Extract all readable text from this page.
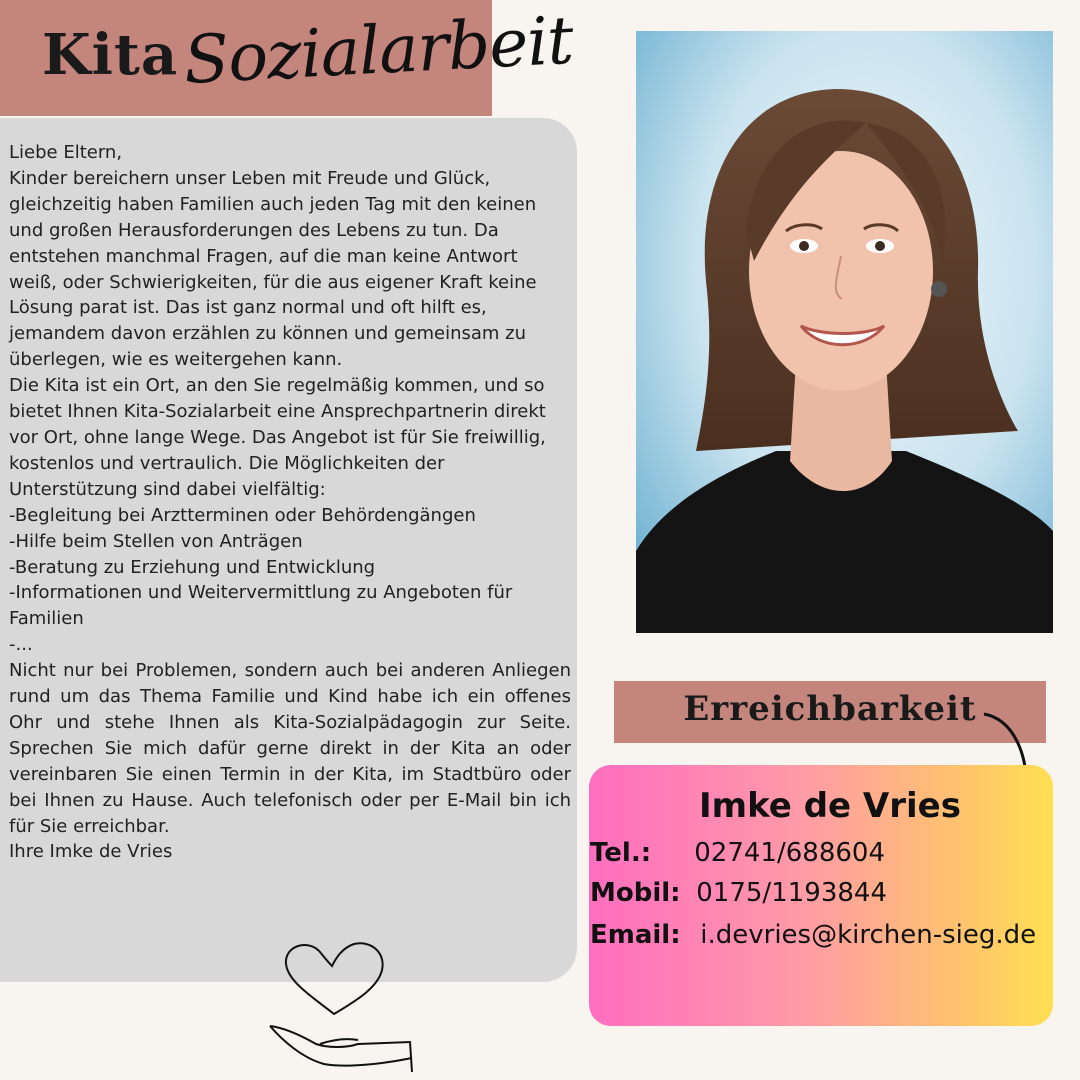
Kita Sozialarbeit
Liebe Eltern,
Kinder bereichern unser Leben mit Freude und Glück, gleichzeitig haben Familien auch jeden Tag mit den keinen und großen Herausforderungen des Lebens zu tun. Da entstehen manchmal Fragen, auf die man keine Antwort weiß, oder Schwierigkeiten, für die aus eigener Kraft keine Lösung parat ist. Das ist ganz normal und oft hilft es, jemandem davon erzählen zu können und gemeinsam zu überlegen, wie es weitergehen kann.
Die Kita ist ein Ort, an den Sie regelmäßig kommen, und so bietet Ihnen Kita-Sozialarbeit eine Ansprechpartnerin direkt vor Ort, ohne lange Wege. Das Angebot ist für Sie freiwillig, kostenlos und vertraulich. Die Möglichkeiten der Unterstützung sind dabei vielfältig:
-Begleitung bei Arztterminen oder Behördengängen
-Hilfe beim Stellen von Anträgen
-Beratung zu Erziehung und Entwicklung
-Informationen und Weitervermittlung zu Angeboten für Familien
-...
Nicht nur bei Problemen, sondern auch bei anderen Anliegen rund um das Thema Familie und Kind habe ich ein offenes Ohr und stehe Ihnen als Kita-Sozialpädagogin zur Seite. Sprechen Sie mich dafür gerne direkt in der Kita an oder vereinbaren Sie einen Termin in der Kita, im Stadtbüro oder bei Ihnen zu Hause. Auch telefonisch oder per E-Mail bin ich für Sie erreichbar.
Ihre Imke de Vries
Erreichbarkeit
Imke de Vries
Tel.: 02741/688604
Mobil: 0175/1193844
Email: i.devries@kirchen-sieg.de
